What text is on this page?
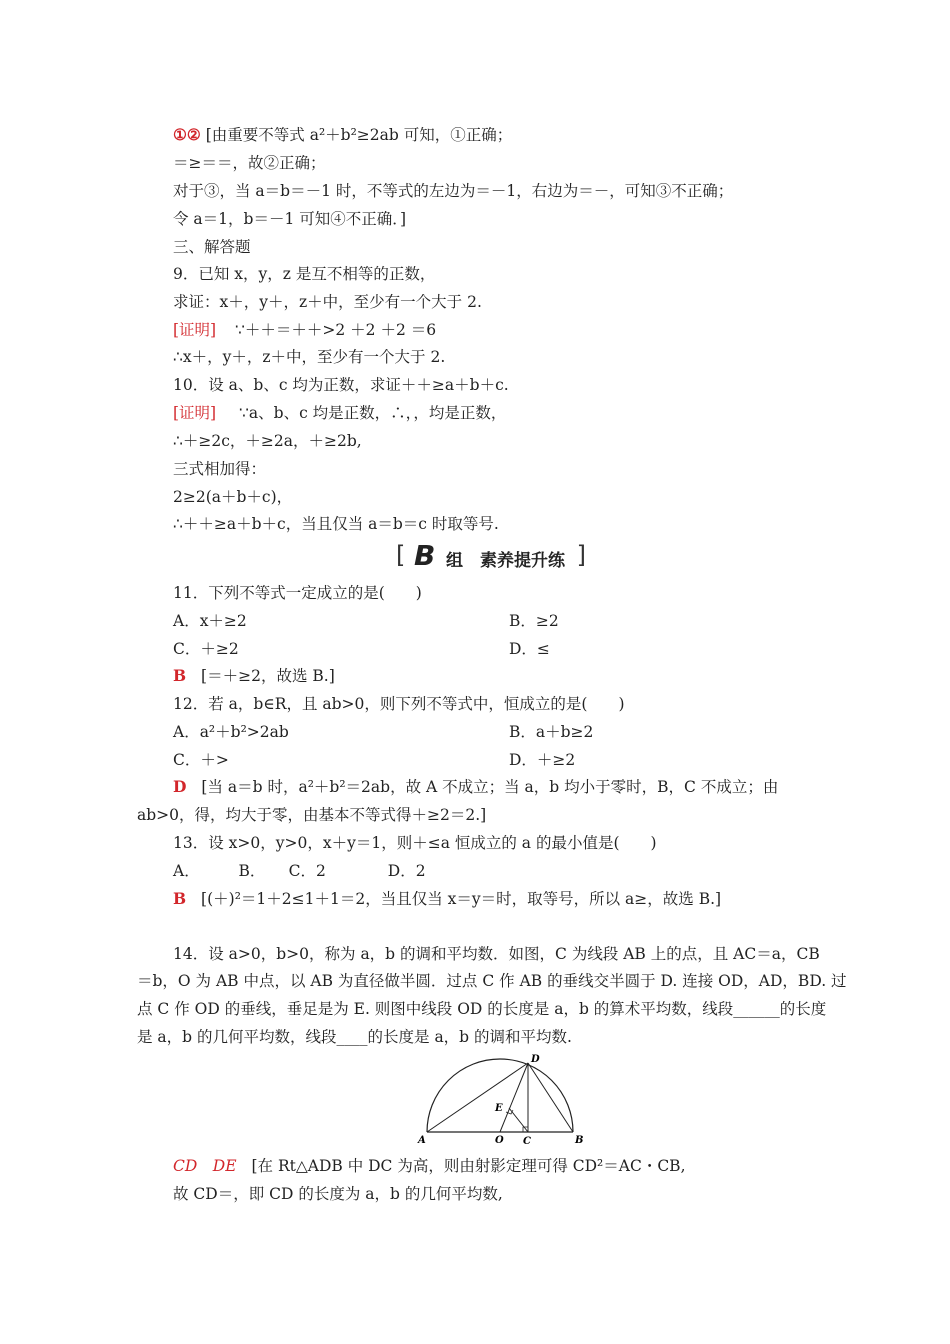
①② [由重要不等式 a²＋b²≥2ab 可知，①正确；
＝≥＝＝，故②正确；
对于③，当 a＝b＝－1 时，不等式的左边为＝－1，右边为＝－，可知③不正确；
令 a＝1，b＝－1 可知④不正确．]
三、解答题
9．已知 x，y，z 是互不相等的正数，
求证：x＋，y＋，z＋中，至少有一个大于 2.
[证明] ∵＋＋＝＋＋>2 ＋2 ＋2 ＝6
∴x＋，y＋，z＋中，至少有一个大于 2.
10．设 a、b、c 均为正数，求证＋＋≥a＋b＋c.
[证明] ∵a、b、c 均是正数，∴，，均是正数，
∴＋≥2c，＋≥2a，＋≥2b,
三式相加得：
2≥2(a＋b＋c)，
∴＋＋≥a＋b＋c，当且仅当 a＝b＝c 时取等号.
[ B 组　素养提升练 ]
11．下列不等式一定成立的是(　　)
A．x＋≥2	B．≥2
C．＋≥2	D．≤
B [＝＋≥2，故选 B.]
12．若 a，b∈R，且 ab>0，则下列不等式中，恒成立的是(　　)
A．a²＋b²>2ab	B．a＋b≥2
C．＋>	D．＋≥2
D [当 a＝b 时，a²＋b²＝2ab，故 A 不成立；当 a，b 均小于零时，B，C 不成立；由
ab>0，得，均大于零，由基本不等式得＋≥2＝2.]
13．设 x>0，y>0，x＋y＝1，则＋≤a 恒成立的 a 的最小值是(　　)
A．　　　B．　　C．2　　　　D．2
B [(＋)²＝1＋2≤1＋1＝2，当且仅当 x＝y＝时，取等号，所以 a≥，故选 B.]
14．设 a>0，b>0，称为 a，b 的调和平均数．如图，C 为线段 AB 上的点，且 AC＝a，CB
＝b，O 为 AB 中点，以 AB 为直径做半圆．过点 C 作 AB 的垂线交半圆于 D. 连接 OD，AD，BD. 过
点 C 作 OD 的垂线，垂足是为 E. 则图中线段 OD 的长度是 a，b 的算术平均数，线段______的长度
是 a，b 的几何平均数，线段____的长度是 a，b 的调和平均数.
D
E
A	O C	B
CD　DE [在 Rt△ADB 中 DC 为高，则由射影定理可得 CD²＝AC・CB,
故 CD＝，即 CD 的长度为 a，b 的几何平均数,
